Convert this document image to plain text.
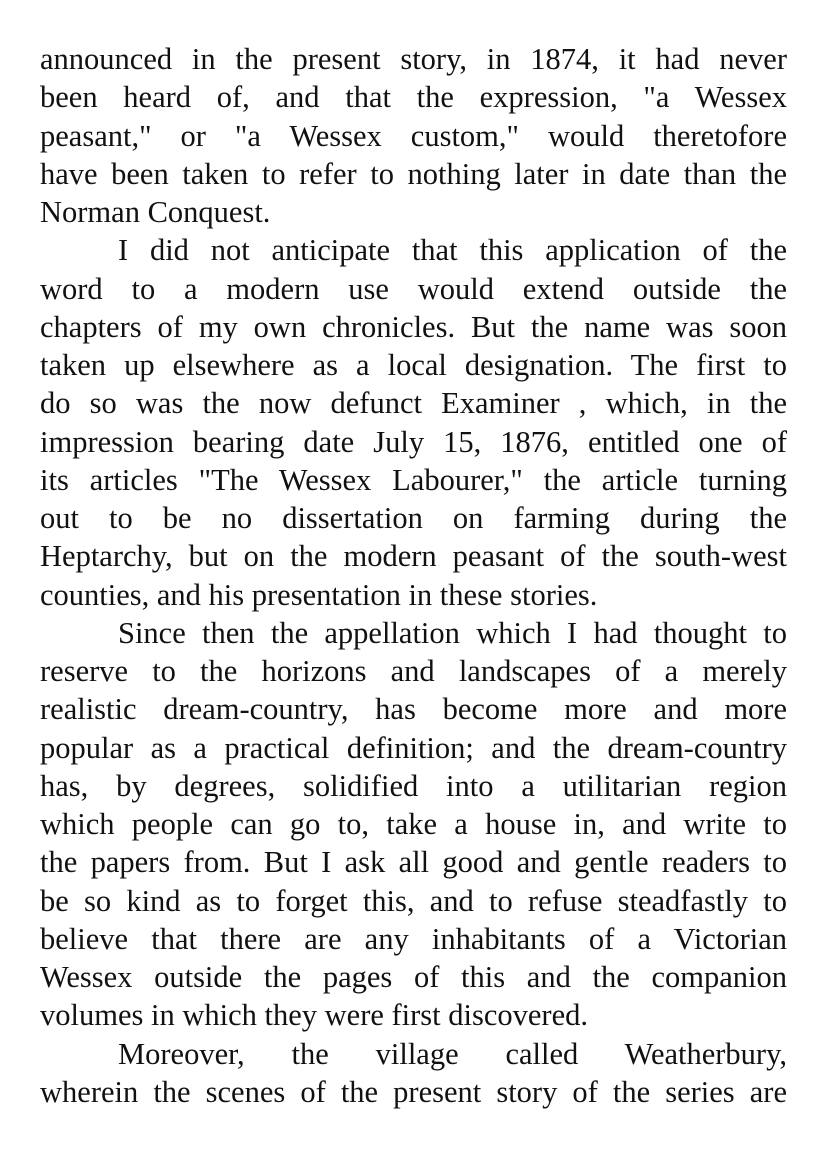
announced in the present story, in 1874, it had never
been heard of, and that the expression, "a Wessex
peasant," or "a Wessex custom," would theretofore
have been taken to refer to nothing later in date than the
Norman Conquest.
I did not anticipate that this application of the
word to a modern use would extend outside the
chapters of my own chronicles. But the name was soon
taken up elsewhere as a local designation. The first to
do so was the now defunct Examiner , which, in the
impression bearing date July 15, 1876, entitled one of
its articles "The Wessex Labourer," the article turning
out to be no dissertation on farming during the
Heptarchy, but on the modern peasant of the south-west
counties, and his presentation in these stories.
Since then the appellation which I had thought to
reserve to the horizons and landscapes of a merely
realistic dream-country, has become more and more
popular as a practical definition; and the dream-country
has, by degrees, solidified into a utilitarian region
which people can go to, take a house in, and write to
the papers from. But I ask all good and gentle readers to
be so kind as to forget this, and to refuse steadfastly to
believe that there are any inhabitants of a Victorian
Wessex outside the pages of this and the companion
volumes in which they were first discovered.
Moreover, the village called Weatherbury,
wherein the scenes of the present story of the series are
